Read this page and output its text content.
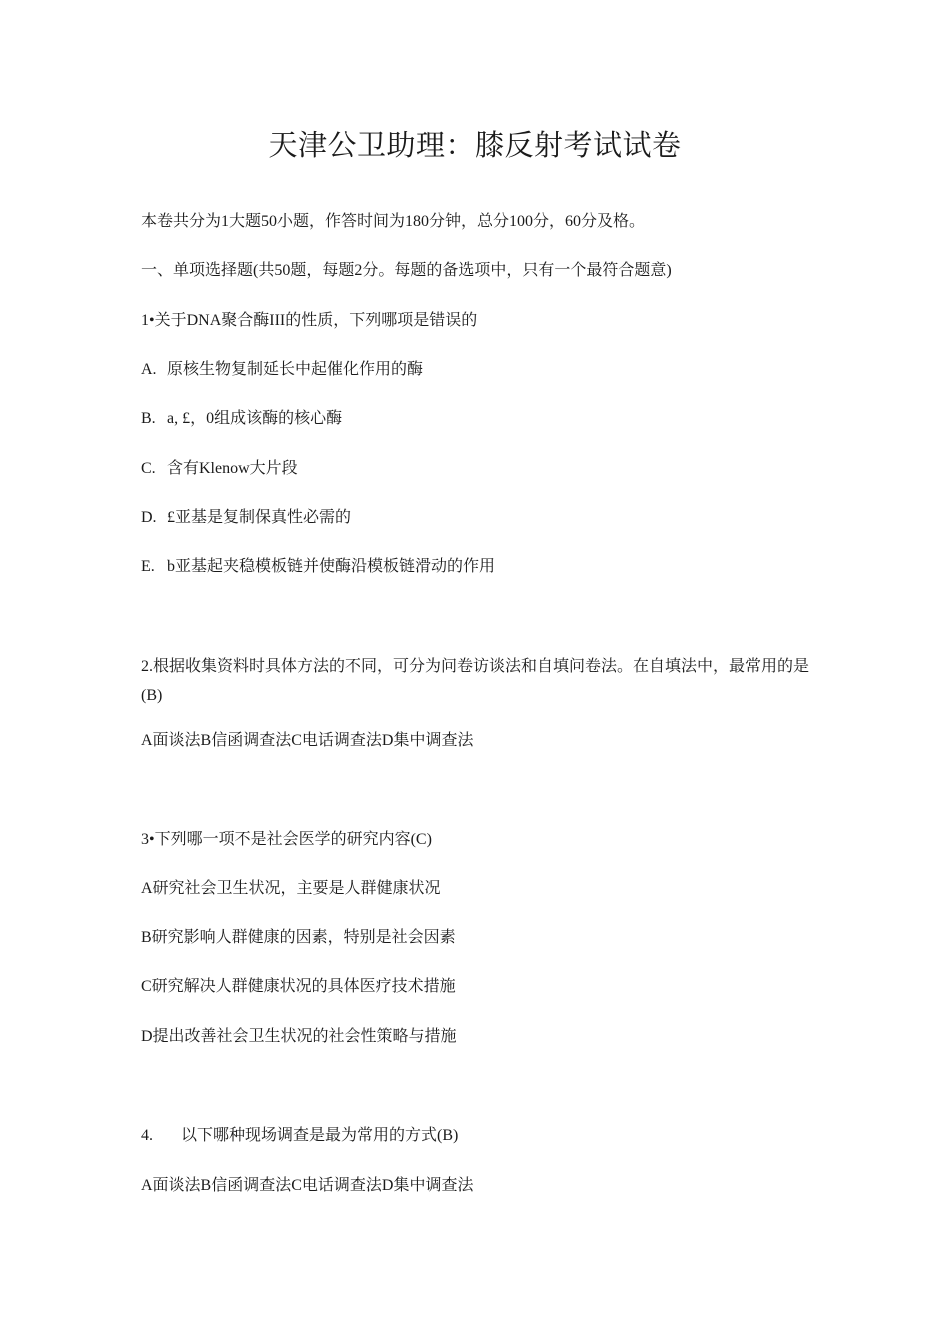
天津公卫助理：膝反射考试试卷
本卷共分为1大题50小题，作答时间为180分钟，总分100分，60分及格。
一、单项选择题(共50题，每题2分。每题的备选项中，只有一个最符合题意)
1•关于DNA聚合酶III的性质，下列哪项是错误的
A. 原核生物复制延长中起催化作用的酶
B. a, £，0组成该酶的核心酶
C. 含有Klenow大片段
D. £亚基是复制保真性必需的
E. b亚基起夹稳模板链并使酶沿模板链滑动的作用
2.根据收集资料时具体方法的不同，可分为问卷访谈法和自填问卷法。在自填法中，最常用的是(B)
A面谈法B信函调查法C电话调查法D集中调查法
3•下列哪一项不是社会医学的研究内容(C)
A研究社会卫生状况，主要是人群健康状况
B研究影响人群健康的因素，特别是社会因素
C研究解决人群健康状况的具体医疗技术措施
D提出改善社会卫生状况的社会性策略与措施
4. 以下哪种现场调查是最为常用的方式(B)
A面谈法B信函调查法C电话调查法D集中调查法
